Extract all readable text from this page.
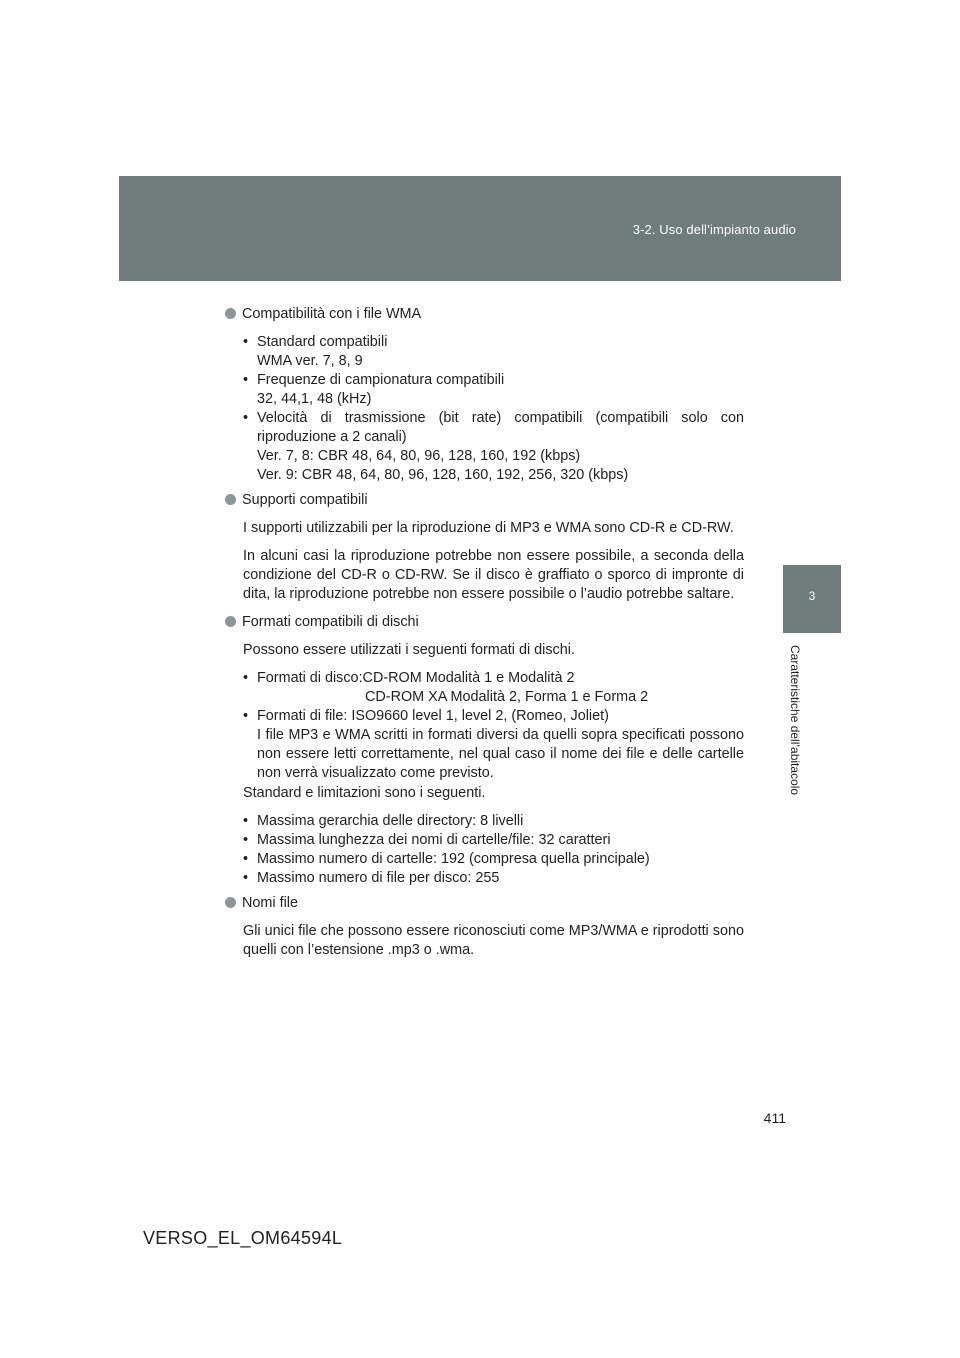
3-2. Uso dell’impianto audio
3
Caratteristiche dell’abitacolo
Compatibilità con i file WMA
• Standard compatibili
WMA ver. 7, 8, 9
• Frequenze di campionatura compatibili
32, 44,1, 48 (kHz)
• Velocità di trasmissione (bit rate) compatibili (compatibili solo con riproduzione a 2 canali)
Ver. 7, 8: CBR 48, 64, 80, 96, 128, 160, 192 (kbps)
Ver. 9: CBR 48, 64, 80, 96, 128, 160, 192, 256, 320 (kbps)
Supporti compatibili
I supporti utilizzabili per la riproduzione di MP3 e WMA sono CD-R e CD-RW.
In alcuni casi la riproduzione potrebbe non essere possibile, a seconda della condizione del CD-R o CD-RW. Se il disco è graffiato o sporco di impronte di dita, la riproduzione potrebbe non essere possibile o l’audio potrebbe saltare.
Formati compatibili di dischi
Possono essere utilizzati i seguenti formati di dischi.
• Formati di disco:CD-ROM Modalità 1 e Modalità 2
CD-ROM XA Modalità 2, Forma 1 e Forma 2
• Formati di file: ISO9660 level 1, level 2, (Romeo, Joliet)
I file MP3 e WMA scritti in formati diversi da quelli sopra specificati possono non essere letti correttamente, nel qual caso il nome dei file e delle cartelle non verrà visualizzato come previsto.
Standard e limitazioni sono i seguenti.
• Massima gerarchia delle directory: 8 livelli
• Massima lunghezza dei nomi di cartelle/file: 32 caratteri
• Massimo numero di cartelle: 192 (compresa quella principale)
• Massimo numero di file per disco: 255
Nomi file
Gli unici file che possono essere riconosciuti come MP3/WMA e riprodotti sono quelli con l’estensione .mp3 o .wma.
411
VERSO_EL_OM64594L
